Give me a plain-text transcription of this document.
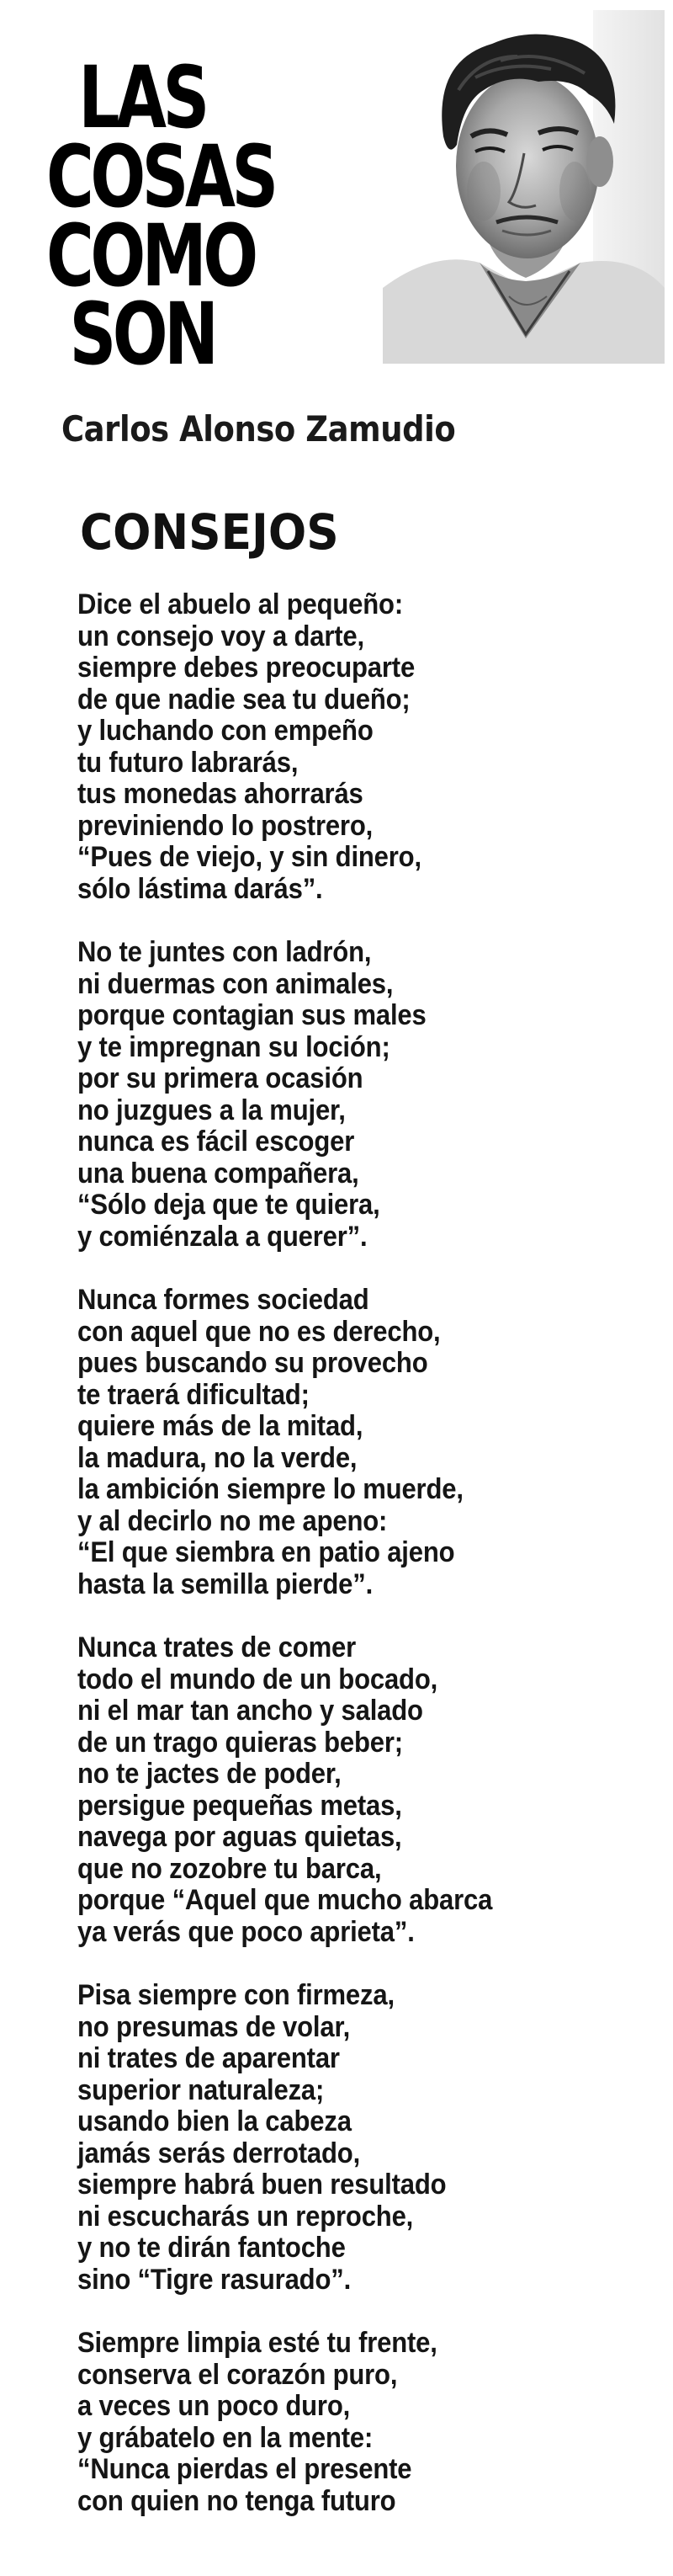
LAS
COSAS
COMO
SON
Carlos Alonso Zamudio
CONSEJOS
Dice el abuelo al pequeño:
un consejo voy a darte,
siempre debes preocuparte
de que nadie sea tu dueño;
y luchando con empeño
tu futuro labrarás,
tus monedas ahorrarás
previniendo lo postrero,
“Pues de viejo, y sin dinero,
sólo lástima darás”.
No te juntes con ladrón,
ni duermas con animales,
porque contagian sus males
y te impregnan su loción;
por su primera ocasión
no juzgues a la mujer,
nunca es fácil escoger
una buena compañera,
“Sólo deja que te quiera,
y comiénzala a querer”.
Nunca formes sociedad
con aquel que no es derecho,
pues buscando su provecho
te traerá dificultad;
quiere más de la mitad,
la madura, no la verde,
la ambición siempre lo muerde,
y al decirlo no me apeno:
“El que siembra en patio ajeno
hasta la semilla pierde”.
Nunca trates de comer
todo el mundo de un bocado,
ni el mar tan ancho y salado
de un trago quieras beber;
no te jactes de poder,
persigue pequeñas metas,
navega por aguas quietas,
que no zozobre tu barca,
porque “Aquel que mucho abarca
ya verás que poco aprieta”.
Pisa siempre con firmeza,
no presumas de volar,
ni trates de aparentar
superior naturaleza;
usando bien la cabeza
jamás serás derrotado,
siempre habrá buen resultado
ni escucharás un reproche,
y no te dirán fantoche
sino “Tigre rasurado”.
Siempre limpia esté tu frente,
conserva el corazón puro,
a veces un poco duro,
y grábatelo en la mente:
“Nunca pierdas el presente
con quien no tenga futuro
